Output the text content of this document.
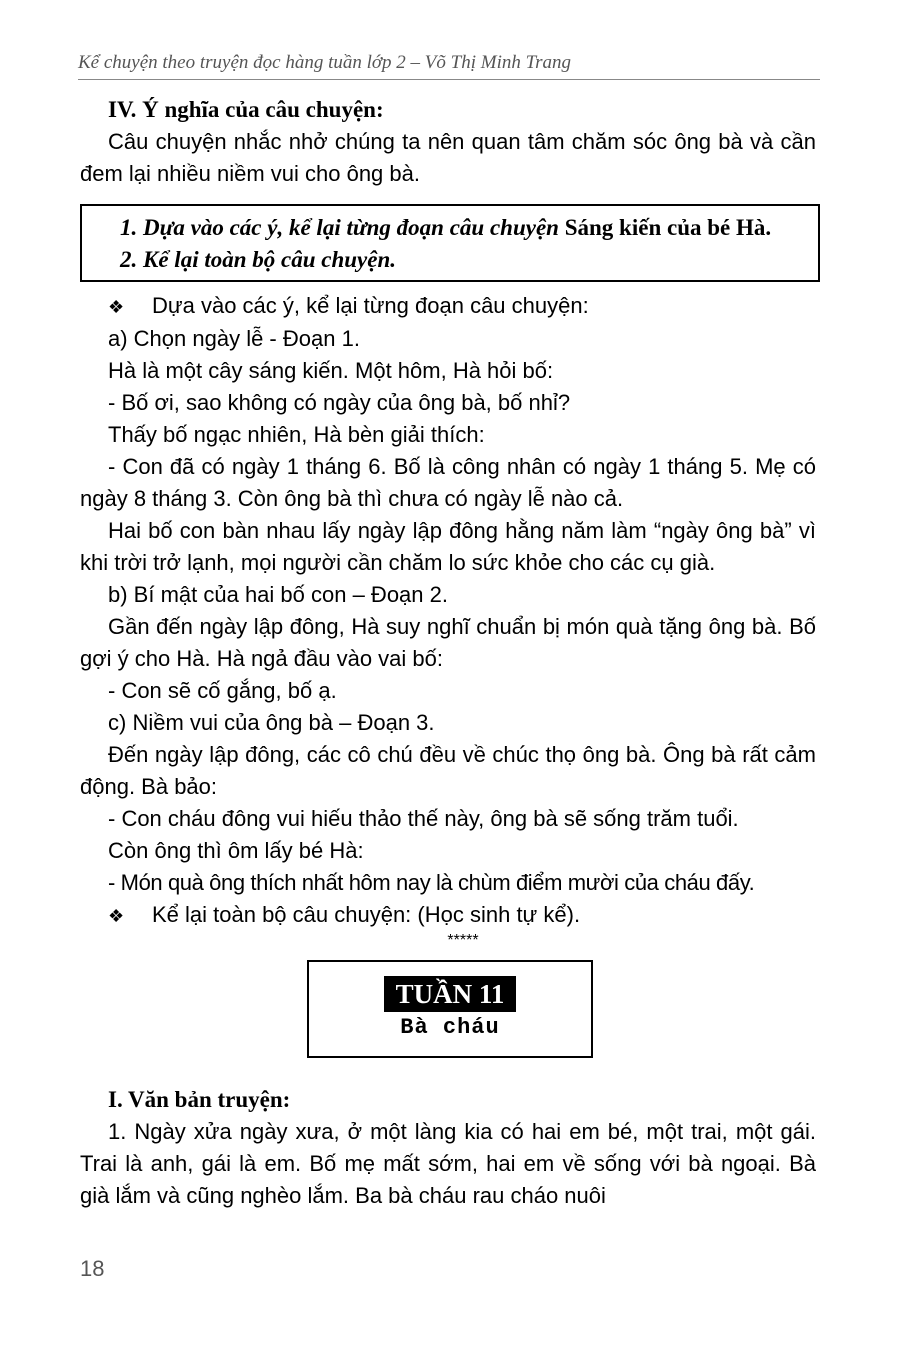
Kể chuyện theo truyện đọc hàng tuần lớp 2 – Võ Thị Minh Trang

IV. Ý nghĩa của câu chuyện:

Câu chuyện nhắc nhở chúng ta nên quan tâm chăm sóc ông bà và cần đem lại nhiều niềm vui cho ông bà.

1. Dựa vào các ý, kể lại từng đoạn câu chuyện Sáng kiến của bé Hà.
2. Kể lại toàn bộ câu chuyện.

❖ Dựa vào các ý, kể lại từng đoạn câu chuyện:

a) Chọn ngày lễ - Đoạn 1.

Hà là một cây sáng kiến. Một hôm, Hà hỏi bố:

- Bố ơi, sao không có ngày của ông bà, bố nhỉ?

Thấy bố ngạc nhiên, Hà bèn giải thích:

- Con đã có ngày 1 tháng 6. Bố là công nhân có ngày 1 tháng 5. Mẹ có ngày 8 tháng 3. Còn ông bà thì chưa có ngày lễ nào cả.

Hai bố con bàn nhau lấy ngày lập đông hằng năm làm “ngày ông bà” vì khi trời trở lạnh, mọi người cần chăm lo sức khỏe cho các cụ già.

b) Bí mật của hai bố con – Đoạn 2.

Gần đến ngày lập đông, Hà suy nghĩ chuẩn bị món quà tặng ông bà. Bố gợi ý cho Hà. Hà ngả đầu vào vai bố:

- Con sẽ cố gắng, bố ạ.

c) Niềm vui của ông bà – Đoạn 3.

Đến ngày lập đông, các cô chú đều về chúc thọ ông bà. Ông bà rất cảm động. Bà bảo:

- Con cháu đông vui hiếu thảo thế này, ông bà sẽ sống trăm tuổi.

Còn ông thì ôm lấy bé Hà:

- Món quà ông thích nhất hôm nay là chùm điểm mười của cháu đấy.

❖ Kể lại toàn bộ câu chuyện: (Học sinh tự kể).

*****

TUẦN 11
Bà cháu

I. Văn bản truyện:

1. Ngày xửa ngày xưa, ở một làng kia có hai em bé, một trai, một gái. Trai là anh, gái là em. Bố mẹ mất sớm, hai em về sống với bà ngoại. Bà già lắm và cũng nghèo lắm. Ba bà cháu rau cháo nuôi

18
